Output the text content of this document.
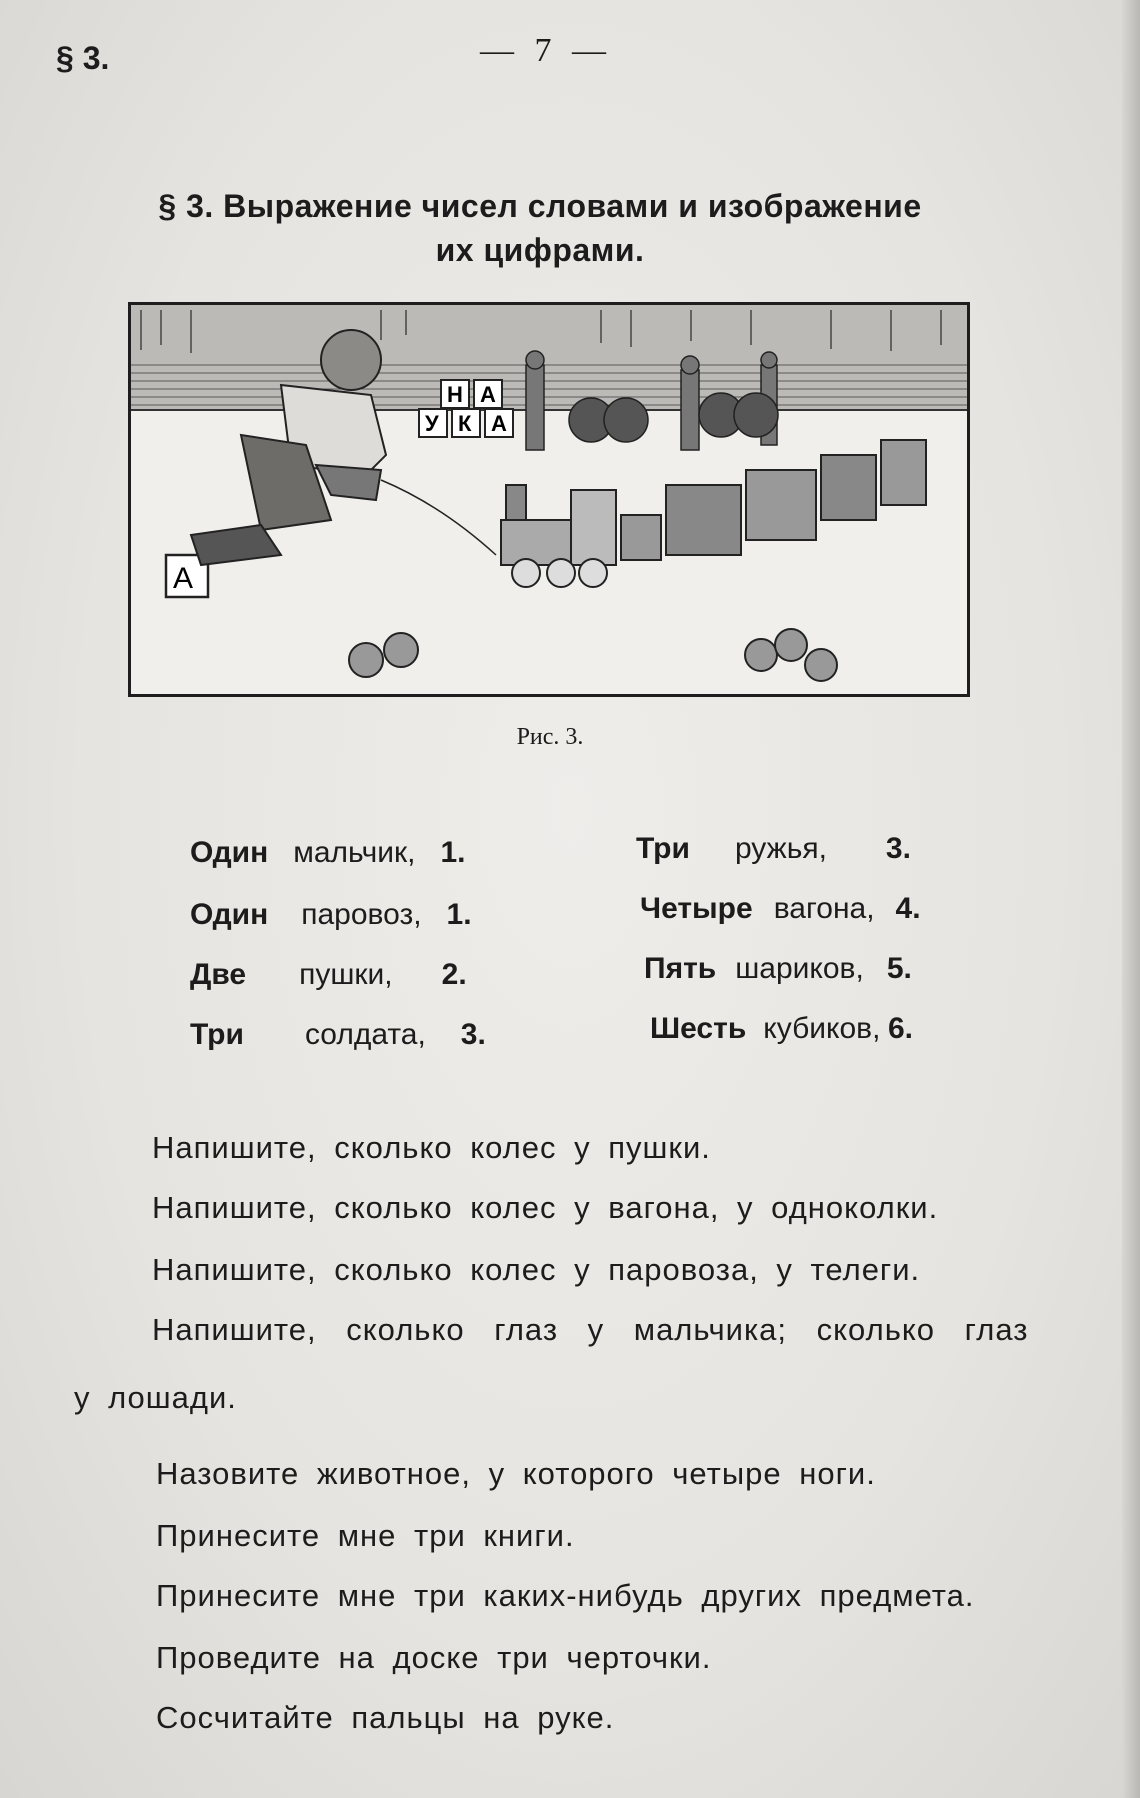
§ 3.	— 7 —
§ 3. Выражение чисел словами и изображение
их цифрами.
Н А
У К А
А
Рис. 3.
Один мальчик, 1.
Один паровоз, 1.
Две пушки, 2.
Три солдата, 3.
Три ружья, 3.
Четыре вагона, 4.
Пять шариков, 5.
Шесть кубиков, 6.
Напишите, сколько колес у пушки.
Напишите, сколько колес у вагона, у одноколки.
Напишите, сколько колес у паровоза, у телеги.
Напишите, сколько глаз у мальчика; сколько глаз
у лошади.
Назовите животное, у которого четыре ноги.
Принесите мне три книги.
Принесите мне три каких-нибудь других предмета.
Проведите на доске три черточки.
Сосчитайте пальцы на руке.
